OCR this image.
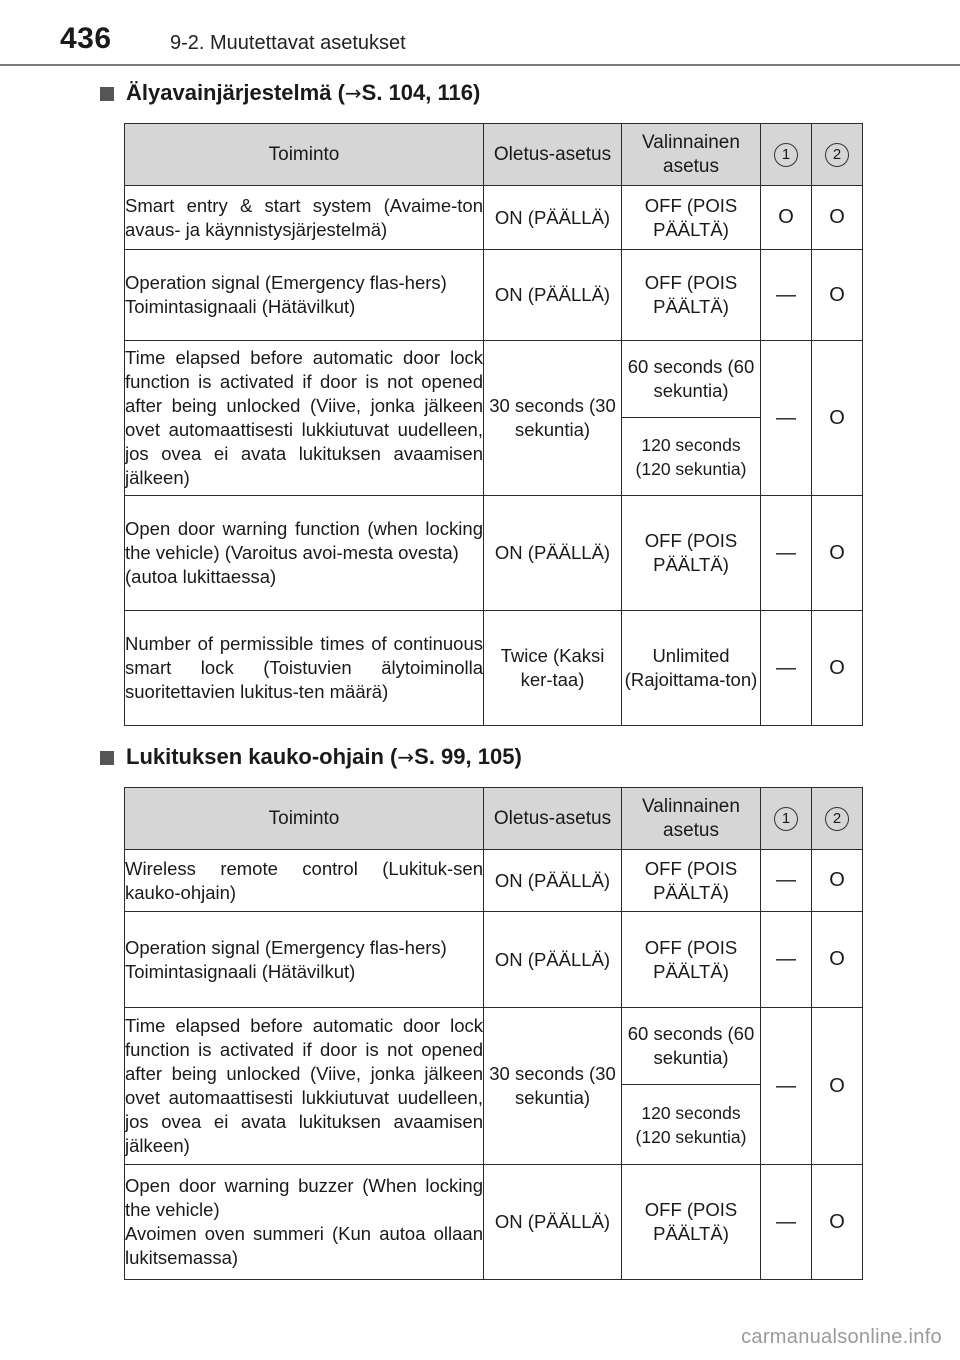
436	9-2. Muutettavat asetukset
Älyavainjärjestelmä ( → S. 104, 116)
Toiminto	Oletus-asetus	Valinnainen asetus	1	2

Smart entry & start system (Avaime-ton avaus- ja käynnistysjärjestelmä)	ON (PÄÄLLÄ)	OFF (POIS PÄÄLTÄ)	O	O

Operation signal (Emergency flas-hers)
Toimintasignaali (Hätävilkut)	ON (PÄÄLLÄ)	OFF (POIS PÄÄLTÄ)	—	O

Time elapsed before automatic door lock function is activated if door is not opened after being unlocked (Viive, jonka jälkeen ovet automaattisesti lukkiutuvat uudelleen, jos ovea ei avata lukituksen avaamisen jälkeen)	30 seconds (30 sekuntia)	60 seconds (60 sekuntia)	—	O
		120 seconds (120 sekuntia)		

Open door warning function (when locking the vehicle) (Varoitus avoi-mesta ovesta)
(autoa lukittaessa)	ON (PÄÄLLÄ)	OFF (POIS PÄÄLTÄ)	—	O

Number of permissible times of continuous smart lock (Toistuvien älytoiminolla suoritettavien lukitus-ten määrä)	Twice (Kaksi ker-taa)	Unlimited (Rajoittama-ton)	—	O
Lukituksen kauko-ohjain ( → S. 99, 105)
Toiminto	Oletus-asetus	Valinnainen asetus	1	2

Wireless remote control (Lukituk-sen kauko-ohjain)	ON (PÄÄLLÄ)	OFF (POIS PÄÄLTÄ)	—	O

Operation signal (Emergency flas-hers)
Toimintasignaali (Hätävilkut)	ON (PÄÄLLÄ)	OFF (POIS PÄÄLTÄ)	—	O

Time elapsed before automatic door lock function is activated if door is not opened after being unlocked (Viive, jonka jälkeen ovet automaattisesti lukkiutuvat uudelleen, jos ovea ei avata lukituksen avaamisen jälkeen)	30 seconds (30 sekuntia)	60 seconds (60 sekuntia)	—	O
		120 seconds (120 sekuntia)		

Open door warning buzzer (When locking the vehicle)
Avoimen oven summeri (Kun autoa ollaan lukitsemassa)	ON (PÄÄLLÄ)	OFF (POIS PÄÄLTÄ)	—	O
carmanualsonline.info
